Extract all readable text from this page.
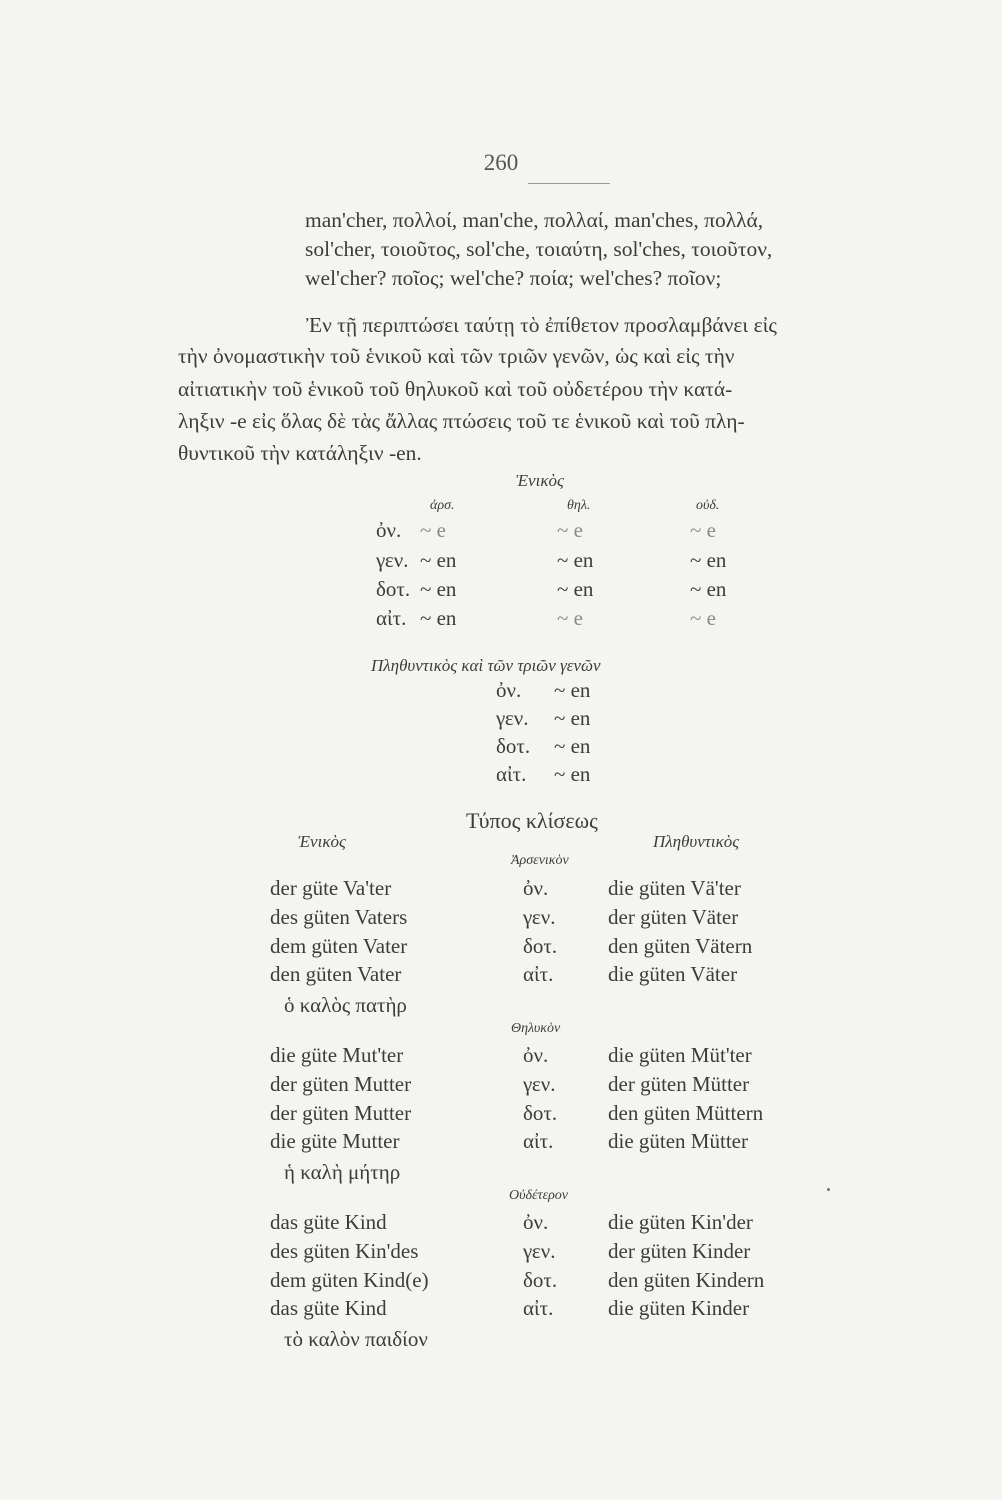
260
man'cher, πολλοί, man'che, πολλαί, man'ches, πολλά,
sol'cher, τοιοῦτος, sol'che, τοιαύτη, sol'ches, τοιοῦτον,
wel'cher? ποῖος; wel'che? ποία; wel'ches? ποῖον;
Ἐν τῇ περιπτώσει ταύτῃ τὸ ἐπίθετον προσλαμβάνει εἰς
τὴν ὀνομαστικὴν τοῦ ἑνικοῦ καὶ τῶν τριῶν γενῶν, ὡς καὶ εἰς τὴν
αἰτιατικὴν τοῦ ἑνικοῦ τοῦ θηλυκοῦ καὶ τοῦ οὐδετέρου τὴν κατά-
ληξιν -e εἰς ὅλας δὲ τὰς ἄλλας πτώσεις τοῦ τε ἑνικοῦ καὶ τοῦ πλη-
θυντικοῦ τὴν κατάληξιν -en.
Ἑνικὸς
ἀρσ.	θηλ.	οὐδ.
ὀν. ~ e	~ e	~ e
γεν. ~ en	~ en	~ en
δοτ. ~ en	~ en	~ en
αἰτ. ~ en	~ e	~ e
Πληθυντικὸς καὶ τῶν τριῶν γενῶν
ὀν. ~ en
γεν. ~ en
δοτ. ~ en
αἰτ. ~ en
Τύπος κλίσεως
Ἑνικὸς	Πληθυντικὸς
Ἀρσενικὸν
der güte Va'ter	ὀν.	die güten Vä'ter
des güten Vaters	γεν.	der güten Väter
dem güten Vater	δοτ. den güten Vätern
den güten Vater	αἰτ.	die güten Väter
ὁ καλὸς πατὴρ
Θηλυκὸν
die güte Mut'ter	ὀν.	die güten Müt'ter
der güten Mutter	γεν.	der güten Mütter
der güten Mutter	δοτ. den güten Müttern
die güte Mutter	αἰτ.	die güten Mütter
ἡ καλὴ μήτηρ
Οὐδέτερον
das güte Kind	ὀν.	die güten Kin'der
des güten Kin'des	γεν.	der güten Kinder
dem güten Kind(e)	δοτ. den güten Kindern
das güte Kind	αἰτ.	die güten Kinder
τὸ καλὸν παιδίον
